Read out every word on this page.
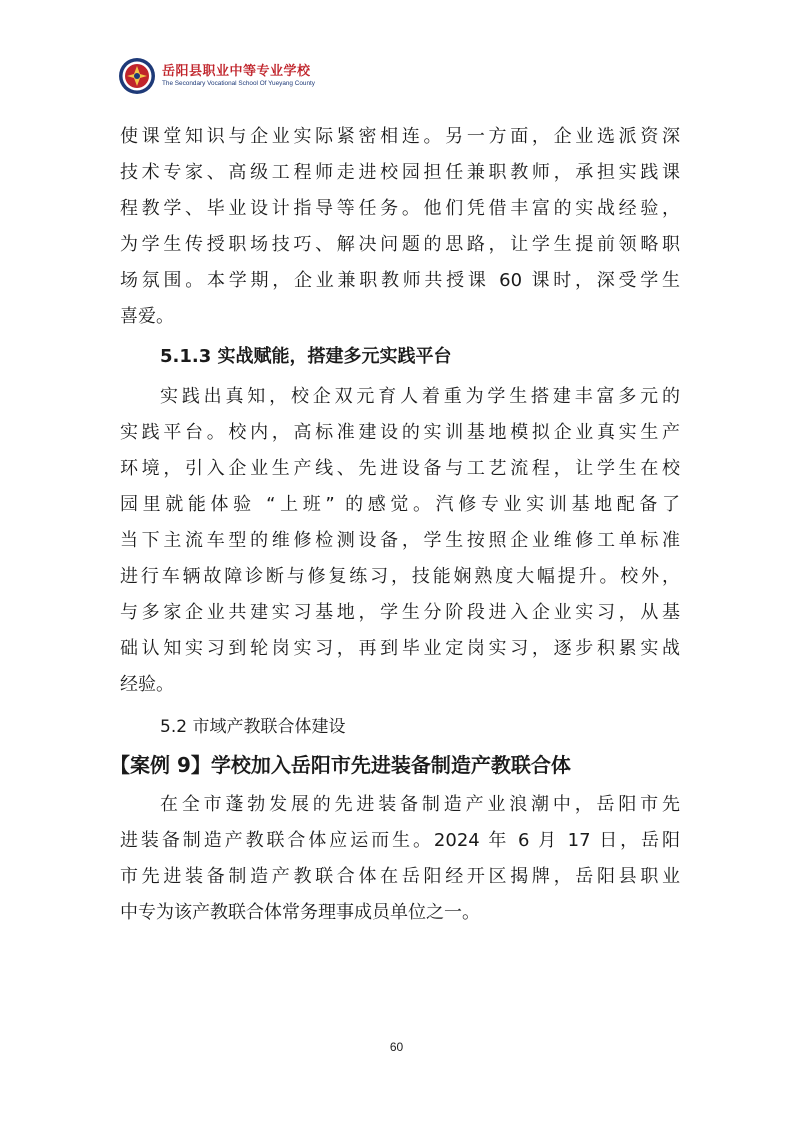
岳阳县职业中等专业学校
The Secondary Vocational School Of Yueyang County
使课堂知识与企业实际紧密相连。另一方面，企业选派资深
技术专家、高级工程师走进校园担任兼职教师，承担实践课
程教学、毕业设计指导等任务。他们凭借丰富的实战经验，
为学生传授职场技巧、解决问题的思路，让学生提前领略职
场氛围。本学期，企业兼职教师共授课 60 课时，深受学生
喜爱。
5.1.3 实战赋能，搭建多元实践平台
实践出真知，校企双元育人着重为学生搭建丰富多元的
实践平台。校内，高标准建设的实训基地模拟企业真实生产
环境，引入企业生产线、先进设备与工艺流程，让学生在校
园里就能体验 “上班” 的感觉。汽修专业实训基地配备了
当下主流车型的维修检测设备，学生按照企业维修工单标准
进行车辆故障诊断与修复练习，技能娴熟度大幅提升。校外，
与多家企业共建实习基地，学生分阶段进入企业实习，从基
础认知实习到轮岗实习，再到毕业定岗实习，逐步积累实战
经验。
5.2 市域产教联合体建设
【案例 9】学校加入岳阳市先进装备制造产教联合体
在全市蓬勃发展的先进装备制造产业浪潮中，岳阳市先
进装备制造产教联合体应运而生。2024 年 6 月 17 日，岳阳
市先进装备制造产教联合体在岳阳经开区揭牌，岳阳县职业
中专为该产教联合体常务理事成员单位之一。
60
